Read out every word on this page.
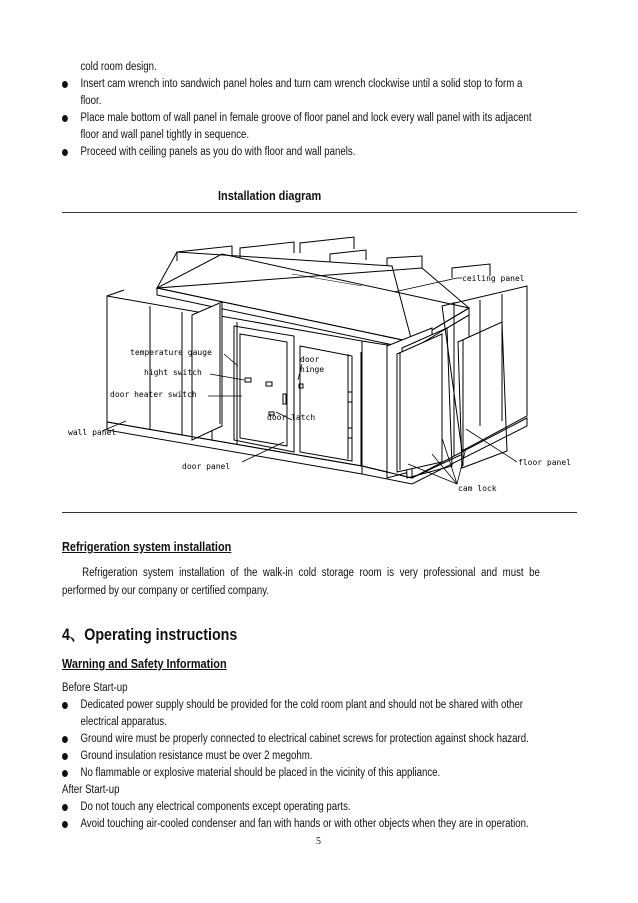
cold room design.
Insert cam wrench into sandwich panel holes and turn cam wrench clockwise until a solid stop to form a
floor.
Place male bottom of wall panel in female groove of floor panel and lock every wall panel with its adjacent
floor and wall panel tightly in sequence.
Proceed with ceiling panels as you do with floor and wall panels.
Installation diagram
ceiling panel
temperature gauge
hight switch
door heater switch
wall panel
door
hinge
door latch
door panel	floor panel
cam lock
Refrigeration system installation
Refrigeration system installation of the walk-in cold storage room is very professional and must be
performed by our company or certified company.
4、Operating instructions
Warning and Safety Information
Before Start-up
Dedicated power supply should be provided for the cold room plant and should not be shared with other
electrical apparatus.
Ground wire must be properly connected to electrical cabinet screws for protection against shock hazard.
Ground insulation resistance must be over 2 megohm.
No flammable or explosive material should be placed in the vicinity of this appliance.
After Start-up
Do not touch any electrical components except operating parts.
Avoid touching air-cooled condenser and fan with hands or with other objects when they are in operation.
5
